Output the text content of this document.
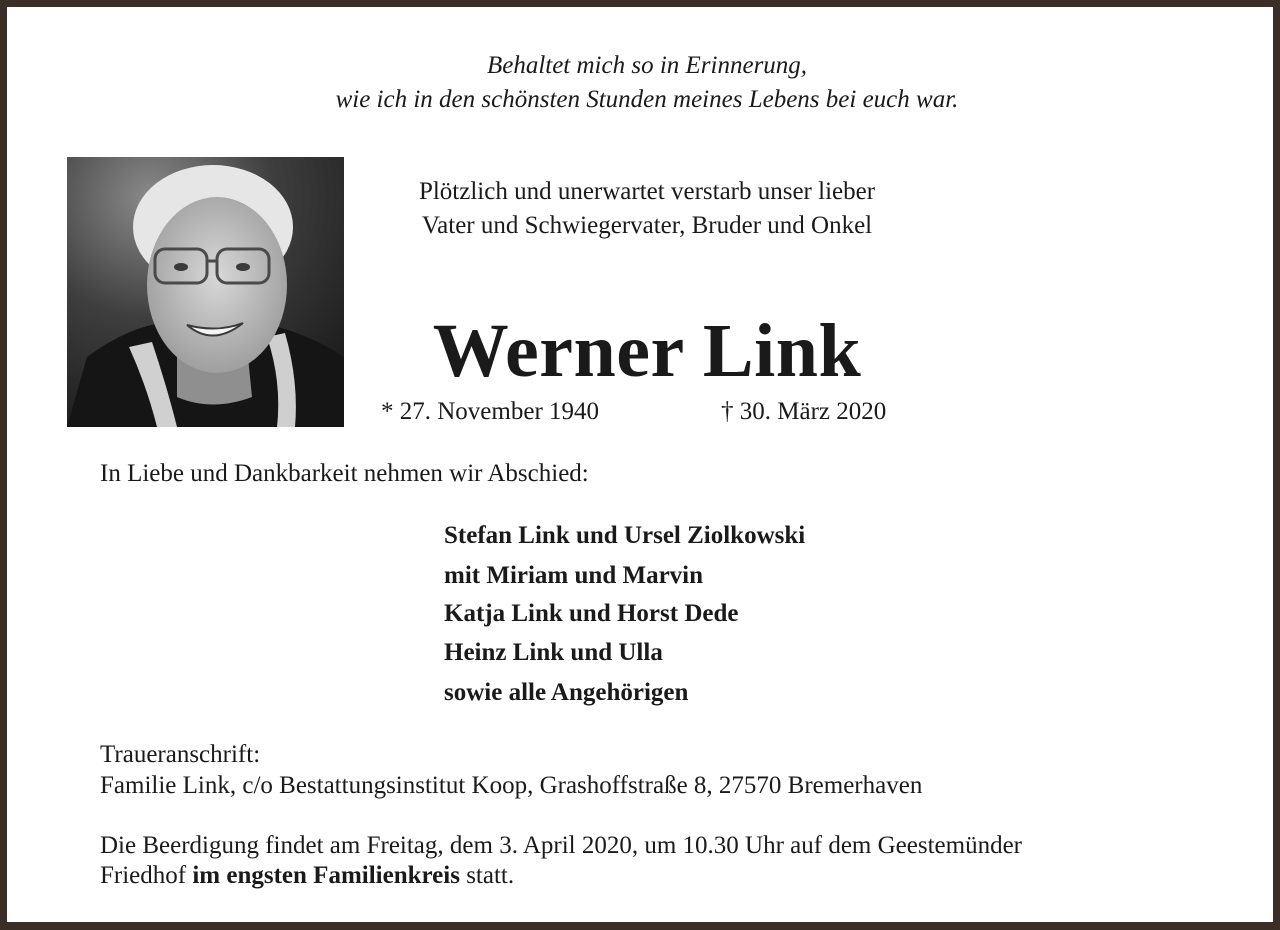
Behaltet mich so in Erinnerung,

wie ich in den schönsten Stunden meines Lebens bei euch war.

Plötzlich und unerwartet verstarb unser lieber

Vater und Schwiegervater, Bruder und Onkel

Werner Link

* 27. November 1940	† 30. März 2020

In Liebe und Dankbarkeit nehmen wir Abschied:

Stefan Link und Ursel Ziolkowski

mit Miriam und Marvin

Katja Link und Horst Dede

Heinz Link und Ulla

sowie alle Angehörigen

Traueranschrift:

Familie Link, c/o Bestattungsinstitut Koop, Grashoffstraße 8, 27570 Bremerhaven

Die Beerdigung findet am Freitag, dem 3. April 2020, um 10.30 Uhr auf dem Geestemünder

Friedhof im engsten Familienkreis statt.
